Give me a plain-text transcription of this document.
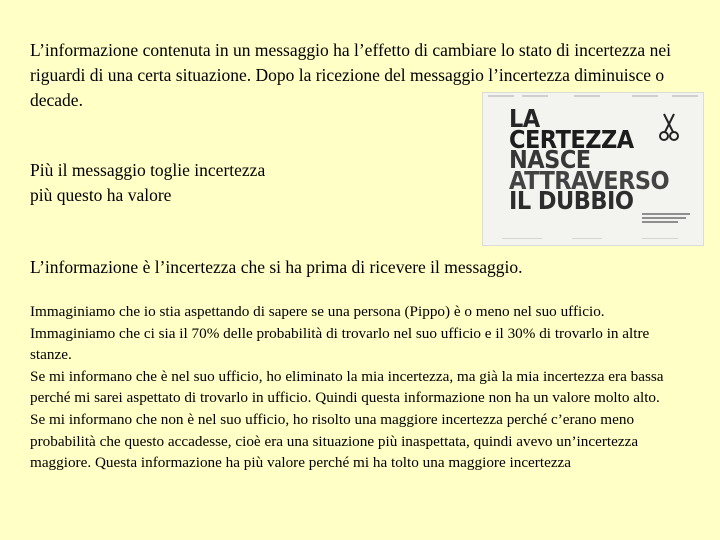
L’informazione contenuta in un messaggio ha l’effetto di cambiare lo stato di incertezza nei riguardi di una certa situazione. Dopo la ricezione del messaggio l’incertezza diminuisce o decade.

Più il messaggio toglie incertezza
più questo ha valore

LA
CERTEZZA
NASCE
ATTRAVERSO
IL DUBBIO

L’informazione è l’incertezza che si ha prima di ricevere il messaggio.

Immaginiamo che io stia aspettando di sapere se una persona (Pippo) è o meno nel suo ufficio. Immaginiamo che ci sia il 70% delle probabilità di trovarlo nel suo ufficio e il 30% di trovarlo in altre stanze.
Se mi informano che è nel suo ufficio, ho eliminato la mia incertezza, ma già la mia incertezza era bassa perché mi sarei aspettato di trovarlo in ufficio. Quindi questa informazione non ha un valore molto alto.
Se mi informano che non è nel suo ufficio, ho risolto una maggiore incertezza perché c’erano meno probabilità che questo accadesse, cioè era una situazione più inaspettata, quindi avevo un’incertezza maggiore. Questa informazione ha più valore perché mi ha tolto una maggiore incertezza
